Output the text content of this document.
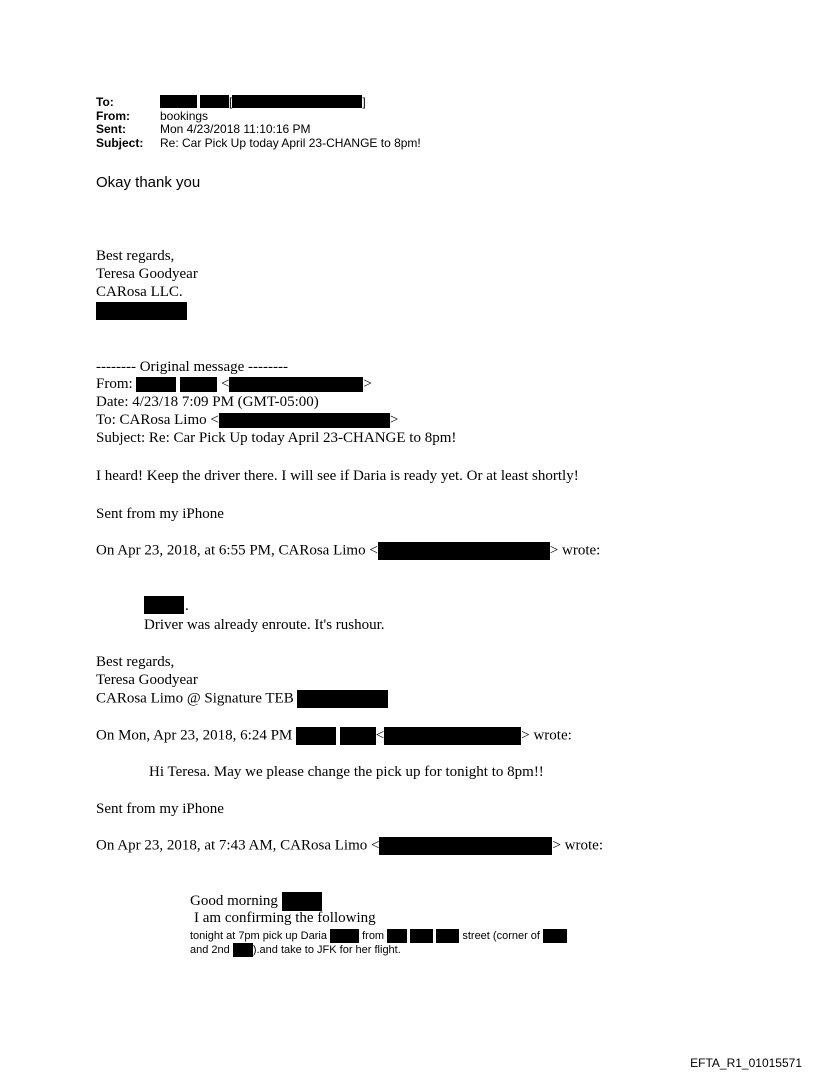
To:	[	]
From:	bookings
Sent:	Mon 4/23/2018 11:10:16 PM
Subject: Re: Car Pick Up today April 23-CHANGE to 8pm!
Okay thank you
Best regards,
Teresa Goodyear
CARosa LLC.
-------- Original message --------
From:	<	>
Date: 4/23/18 7:09 PM (GMT-05:00)
To: CARosa Limo <	>
Subject: Re: Car Pick Up today April 23-CHANGE to 8pm!
I heard! Keep the driver there. I will see if Daria is ready yet. Or at least shortly!
Sent from my iPhone
On Apr 23, 2018, at 6:55 PM, CARosa Limo <	> wrote:
.
Driver was already enroute. It's rushour.
Best regards,
Teresa Goodyear
CARosa Limo @ Signature TEB
On Mon, Apr 23, 2018, 6:24 PM	<	> wrote:
Hi Teresa. May we please change the pick up for tonight to 8pm!!
Sent from my iPhone
On Apr 23, 2018, at 7:43 AM, CARosa Limo <	> wrote:
Good morning
I am confirming the following
tonight at 7pm pick up Daria	from	street (corner of
and 2nd ).and take to JFK for her flight.
EFTA_R1_01015571
